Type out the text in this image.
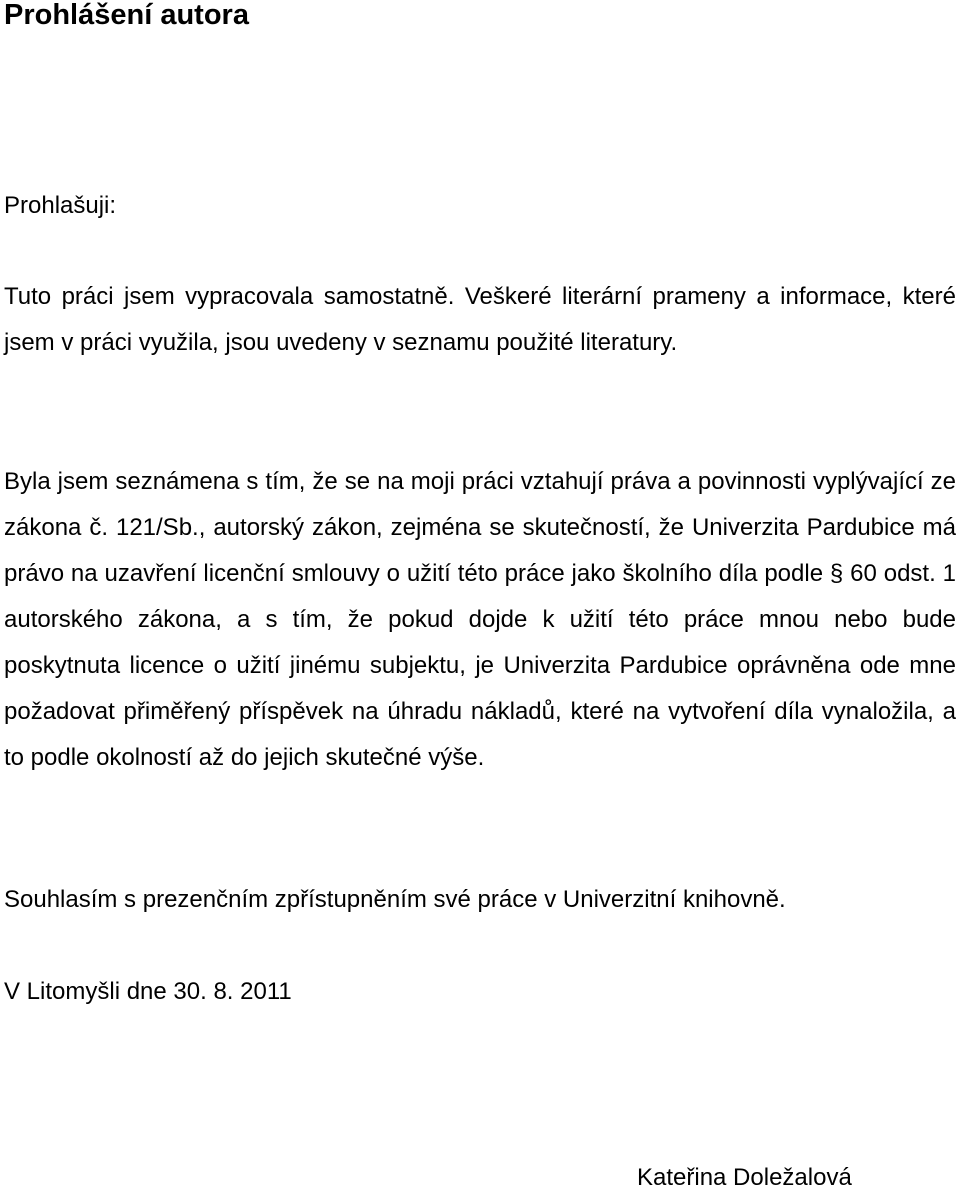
Prohlášení autora

Prohlašuji:

Tuto práci jsem vypracovala samostatně. Veškeré literární prameny a informace, které jsem v práci využila, jsou uvedeny v seznamu použité literatury.

Byla jsem seznámena s tím, že se na moji práci vztahují práva a povinnosti vyplývající ze zákona č. 121/Sb., autorský zákon, zejména se skutečností, že Univerzita Pardubice má právo na uzavření licenční smlouvy o užití této práce jako školního díla podle § 60 odst. 1 autorského zákona, a s tím, že pokud dojde k užití této práce mnou nebo bude poskytnuta licence o užití jinému subjektu, je Univerzita Pardubice oprávněna ode mne požadovat přiměřený příspěvek na úhradu nákladů, které na vytvoření díla vynaložila, a to podle okolností až do jejich skutečné výše.

Souhlasím s prezenčním zpřístupněním své práce v Univerzitní knihovně.

V Litomyšli dne 30. 8. 2011

Kateřina Doležalová
